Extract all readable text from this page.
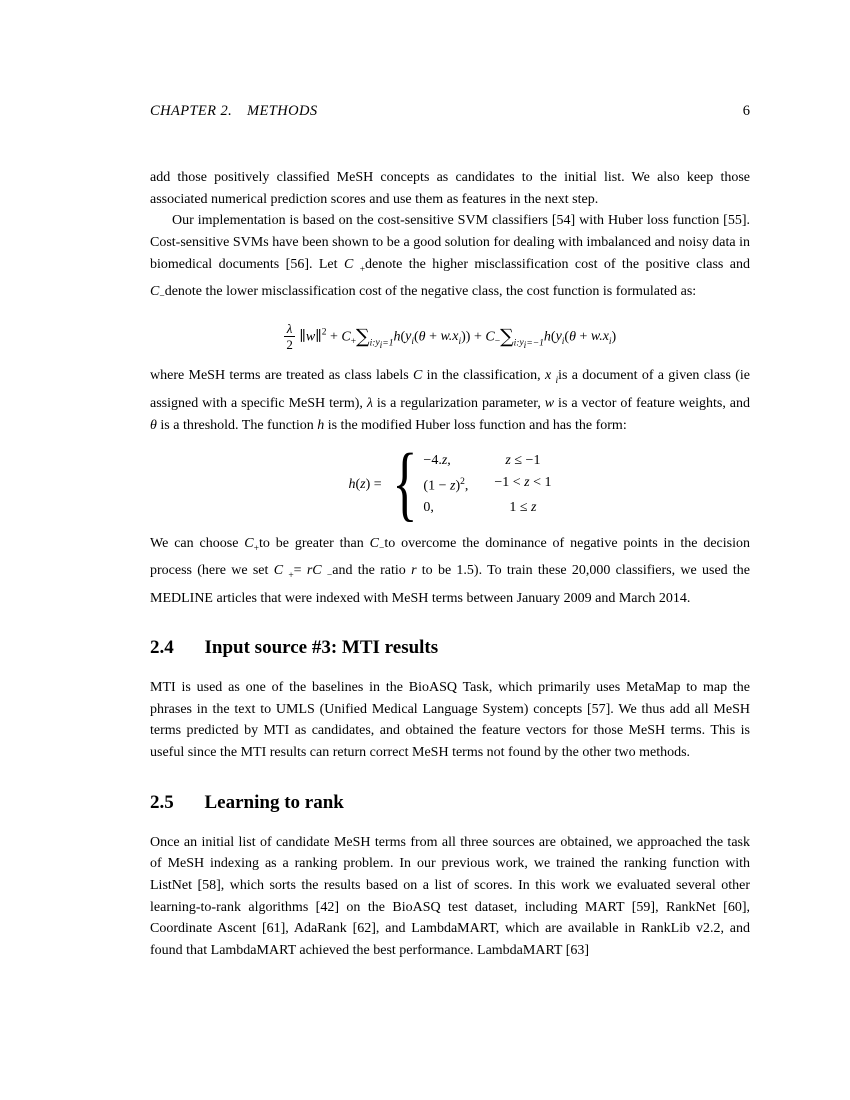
CHAPTER 2. METHODS	6

add those positively classified MeSH concepts as candidates to the initial list. We also keep those associated numerical prediction scores and use them as features in the next step.

Our implementation is based on the cost-sensitive SVM classifiers [54] with Huber loss function [55]. Cost-sensitive SVMs have been shown to be a good solution for dealing with imbalanced and noisy data in biomedical documents [56]. Let C $_+$denote the higher misclassification cost of the positive class and $C_-denote$ the lower misclassification cost of the negative class, the cost function is formulated as:

$\frac{\lambda}{2}$ ∥w∥$^2$ + $C_+\sum_{i:y_i=1}h(y_i(\theta + w.x_i)) + C_-\sum_{i:y_i=-1}h(y_i(\theta + w.x_i)$

where MeSH terms are treated as class labels C in the classification, x $_i$is a document of a given class (ie assigned with a specific MeSH term), λ is a regularization parameter, w is a vector of feature weights, and θ is a threshold. The function h is the modified Huber loss function and has the form:

h(z) = { −4.z,	z ≤ −1
$(1 - z)^2$, −1 < z < 1
0,	1 ≤ z

We can choose $C_+to$ be greater than $C_-to$ overcome the dominance of negative points in the decision process (here we set C $_+$= rC $_-$and the ratio r to be 1.5). To train these 20,000 classifiers, we used the MEDLINE articles that were indexed with MeSH terms between January 2009 and March 2014.

2.4 Input source #3: MTI results

MTI is used as one of the baselines in the BioASQ Task, which primarily uses MetaMap to map the phrases in the text to UMLS (Unified Medical Language System) concepts [57]. We thus add all MeSH terms predicted by MTI as candidates, and obtained the feature vectors for those MeSH terms. This is useful since the MTI results can return correct MeSH terms not found by the other two methods.

2.5 Learning to rank

Once an initial list of candidate MeSH terms from all three sources are obtained, we approached the task of MeSH indexing as a ranking problem. In our previous work, we trained the ranking function with ListNet [58], which sorts the results based on a list of scores. In this work we evaluated several other learning-to-rank algorithms [42] on the BioASQ test dataset, including MART [59], RankNet [60], Coordinate Ascent [61], AdaRank [62], and LambdaMART, which are available in RankLib v2.2, and found that LambdaMART achieved the best performance. LambdaMART [63]
